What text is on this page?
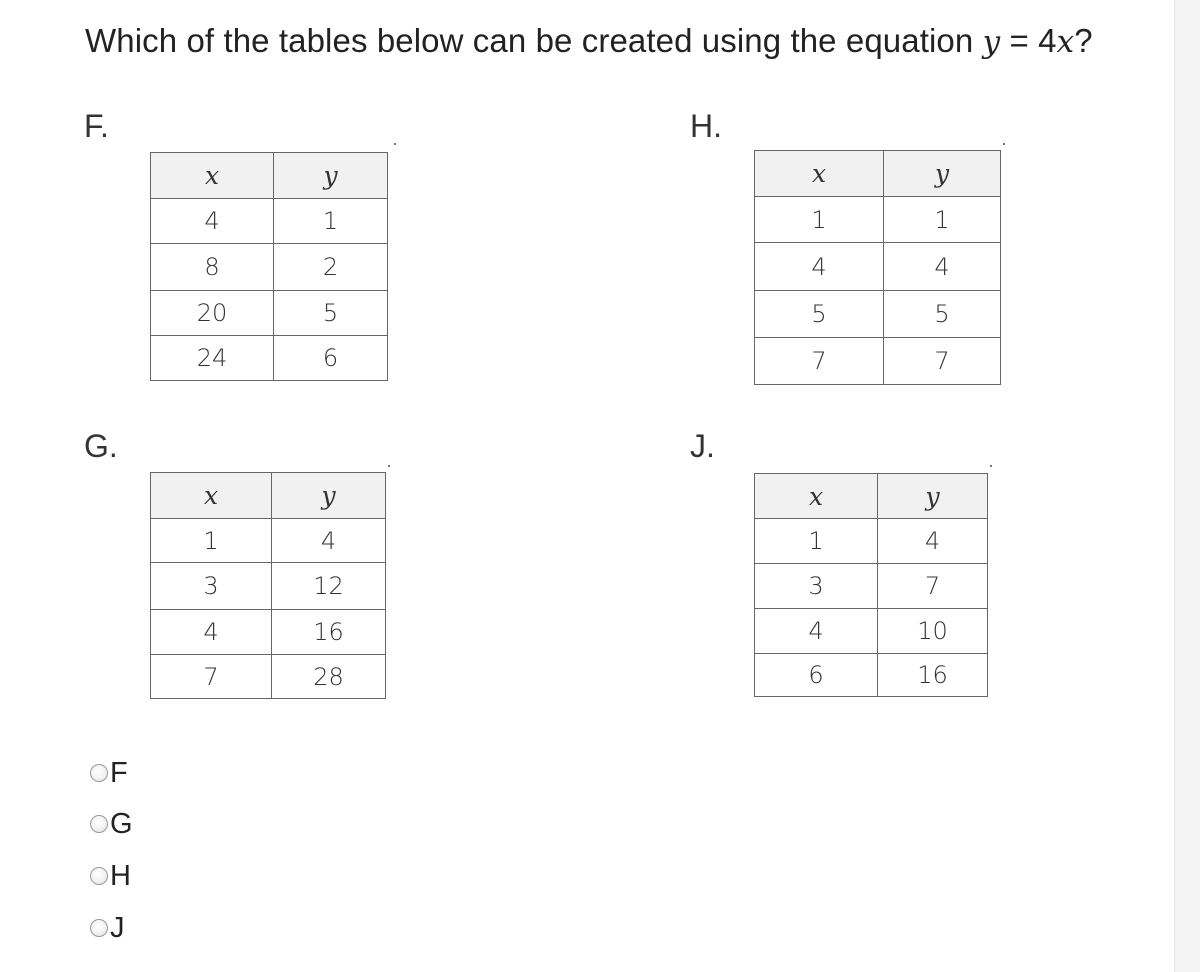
Which of the tables below can be created using the equation y = 4x?
F.
x	y
4	1
8	2
20	5
24	6
H.
x	y
1	1
4	4
5	5
7	7
G.
x	y
1	4
3	12
4	16
7	28
J.
x	y
1	4
3	7
4	10
6	16
F
G
H
J
